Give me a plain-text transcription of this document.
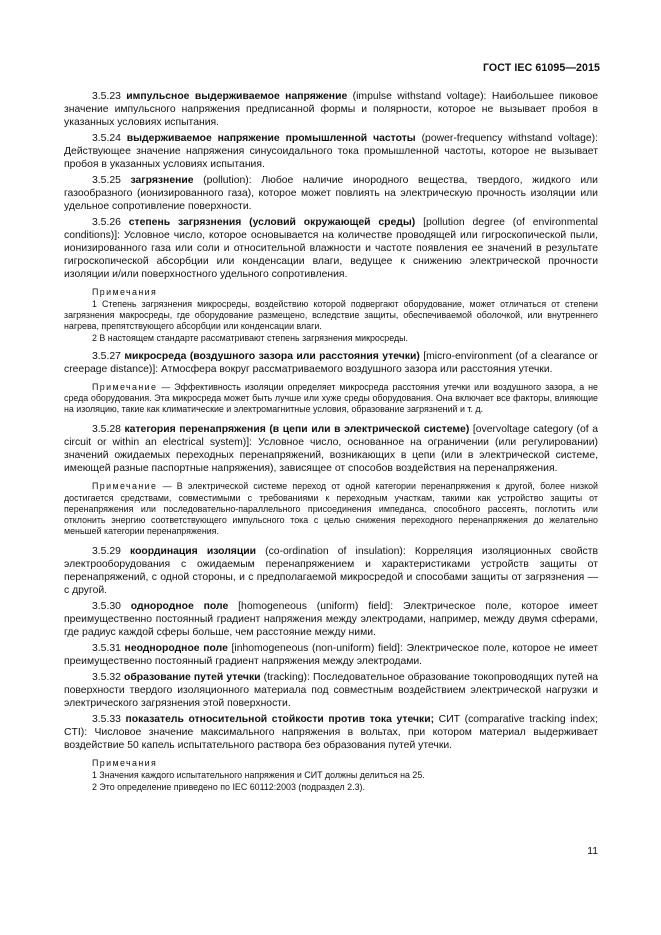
ГОСТ IEC 61095—2015

3.5.23 импульсное выдерживаемое напряжение (impulse withstand voltage): Наибольшее пиковое значение импульсного напряжения предписанной формы и полярности, которое не вызывает пробоя в указанных условиях испытания.

3.5.24 выдерживаемое напряжение промышленной частоты (power-frequency withstand voltage): Действующее значение напряжения синусоидального тока промышленной частоты, которое не вызывает пробоя в указанных условиях испытания.

3.5.25 загрязнение (pollution): Любое наличие инородного вещества, твердого, жидкого или газообразного (ионизированного газа), которое может повлиять на электрическую прочность изоляции или удельное сопротивление поверхности.

3.5.26 степень загрязнения (условий окружающей среды) [pollution degree (of environmental conditions)]: Условное число, которое основывается на количестве проводящей или гигроскопической пыли, ионизированного газа или соли и относительной влажности и частоте появления ее значений в результате гигроскопической абсорбции или конденсации влаги, ведущее к снижению электрической прочности изоляции и/или поверхностного удельного сопротивления.

Примечания

1 Степень загрязнения микросреды, воздействию которой подвергают оборудование, может отличаться от степени загрязнения макросреды, где оборудование размещено, вследствие защиты, обеспечиваемой оболочкой, или внутреннего нагрева, препятствующего абсорбции или конденсации влаги.

2 В настоящем стандарте рассматривают степень загрязнения микросреды.

3.5.27 микросреда (воздушного зазора или расстояния утечки) [micro-environment (of a clearance or creepage distance)]: Атмосфера вокруг рассматриваемого воздушного зазора или расстояния утечки.

Примечание — Эффективность изоляции определяет микросреда расстояния утечки или воздушного зазора, а не среда оборудования. Эта микросреда может быть лучше или хуже среды оборудования. Она включает все факторы, влияющие на изоляцию, такие как климатические и электромагнитные условия, образование загрязнений и т. д.

3.5.28 категория перенапряжения (в цепи или в электрической системе) [overvoltage category (of a circuit or within an electrical system)]: Условное число, основанное на ограничении (или регулировании) значений ожидаемых переходных перенапряжений, возникающих в цепи (или в электрической системе, имеющей разные паспортные напряжения), зависящее от способов воздействия на перенапряжения.

Примечание — В электрической системе переход от одной категории перенапряжения к другой, более низкой достигается средствами, совместимыми с требованиями к переходным участкам, такими как устройство защиты от перенапряжения или последовательно-параллельного присоединения импеданса, способного рассеять, поглотить или отклонить энергию соответствующего импульсного тока с целью снижения переходного перенапряжения до желательно меньшей категории перенапряжения.

3.5.29 координация изоляции (co-ordination of insulation): Корреляция изоляционных свойств электрооборудования с ожидаемым перенапряжением и характеристиками устройств защиты от перенапряжений, с одной стороны, и с предполагаемой микросредой и способами защиты от загрязнения — с другой.

3.5.30 однородное поле [homogeneous (uniform) field]: Электрическое поле, которое имеет преимущественно постоянный градиент напряжения между электродами, например, между двумя сферами, где радиус каждой сферы больше, чем расстояние между ними.

3.5.31 неоднородное поле [inhomogeneous (non-uniform) field]: Электрическое поле, которое не имеет преимущественно постоянный градиент напряжения между электродами.

3.5.32 образование путей утечки (tracking): Последовательное образование токопроводящих путей на поверхности твердого изоляционного материала под совместным воздействием электрической нагрузки и электрического загрязнения этой поверхности.

3.5.33 показатель относительной стойкости против тока утечки; СИТ (comparative tracking index; CTI): Числовое значение максимального напряжения в вольтах, при котором материал выдерживает воздействие 50 капель испытательного раствора без образования путей утечки.

Примечания

1 Значения каждого испытательного напряжения и СИТ должны делиться на 25.

2 Это определение приведено по IEC 60112:2003 (подраздел 2.3).

11
